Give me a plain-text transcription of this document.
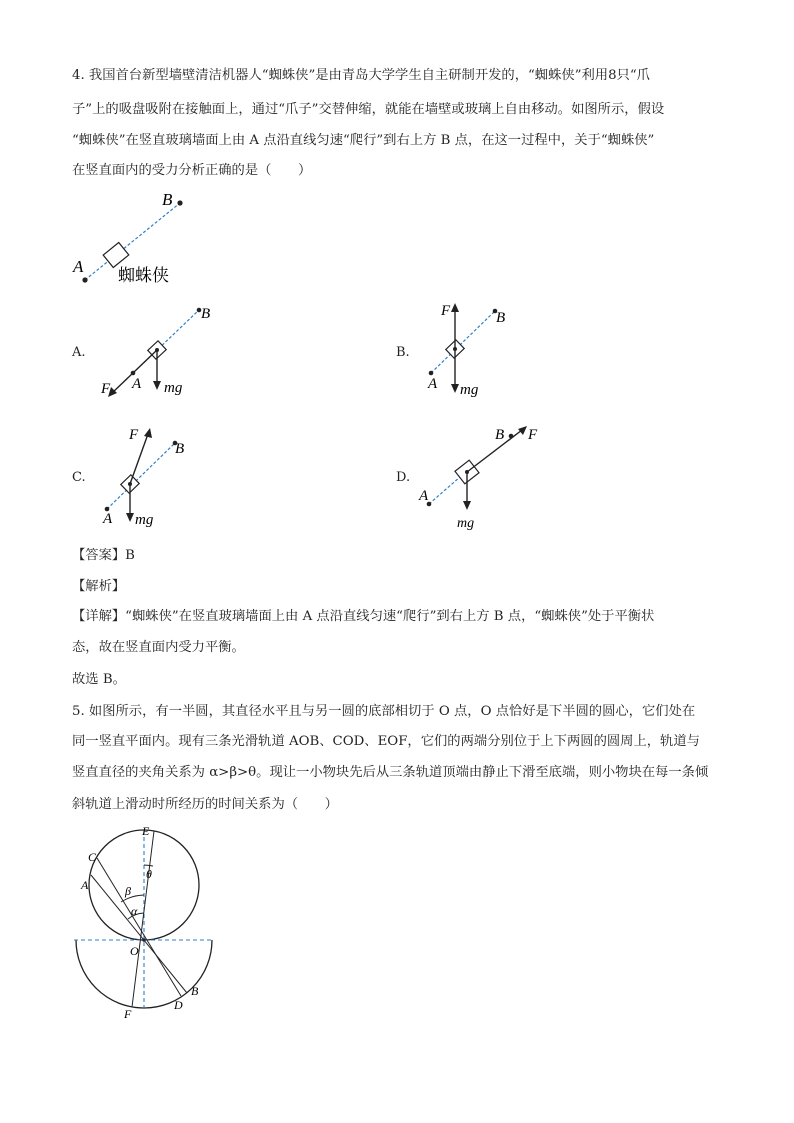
4. 我国首台新型墙壁清洁机器人“蜘蛛侠”是由青岛大学学生自主研制开发的，“蜘蛛侠”利用8只“爪
子”上的吸盘吸附在接触面上，通过“爪子”交替伸缩，就能在墙壁或玻璃上自由移动。如图所示，假设
“蜘蛛侠”在竖直玻璃墙面上由 A 点沿直线匀速“爬行”到右上方 B 点，在这一过程中，关于“蜘蛛侠”
在竖直面内的受力分析正确的是（　　）
A
B
蜘蛛侠
A.
F A
B
mg
B.
F
A
B
mg
C.
F
A
B
mg
D.
F
A
B
mg
【答案】B
【解析】
【详解】“蜘蛛侠”在竖直玻璃墙面上由 A 点沿直线匀速“爬行”到右上方 B 点，“蜘蛛侠”处于平衡状
态，故在竖直面内受力平衡。
故选 B。
5. 如图所示，有一半圆，其直径水平且与另一圆的底部相切于 O 点，O 点恰好是下半圆的圆心，它们处在
同一竖直平面内。现有三条光滑轨道 AOB、COD、EOF，它们的两端分别位于上下两圆的圆周上，轨道与
竖直直径的夹角关系为 α>β>θ。现让一小物块先后从三条轨道顶端由静止下滑至底端，则小物块在每一条倾
斜轨道上滑动时所经历的时间关系为（　　）
E
C
A
O
B
D
F
α
β
θ
